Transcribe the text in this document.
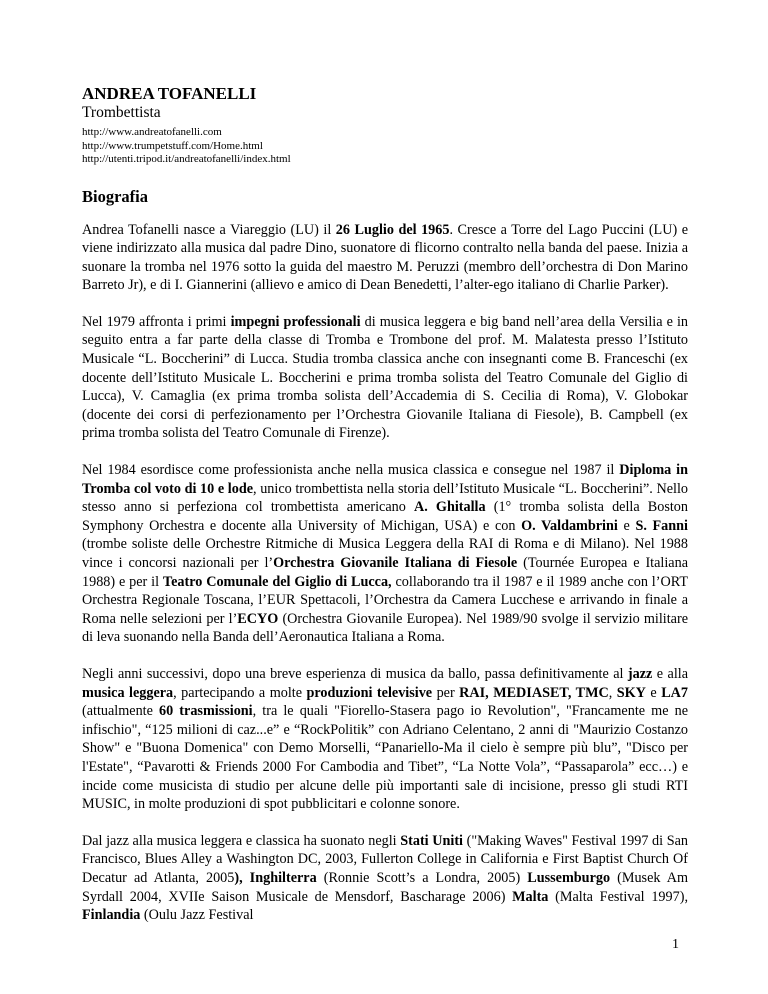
ANDREA TOFANELLI
Trombettista
http://www.andreatofanelli.com
http://www.trumpetstuff.com/Home.html
http://utenti.tripod.it/andreatofanelli/index.html
Biografia

Andrea Tofanelli nasce a Viareggio (LU) il 26 Luglio del 1965. Cresce a Torre del Lago Puccini (LU) e viene indirizzato alla musica dal padre Dino, suonatore di flicorno contralto nella banda del paese. Inizia a suonare la tromba nel 1976 sotto la guida del maestro M. Peruzzi (membro dell’orchestra di Don Marino Barreto Jr), e di I. Giannerini (allievo e amico di Dean Benedetti, l’alter-ego italiano di Charlie Parker).

Nel 1979 affronta i primi impegni professionali di musica leggera e big band nell’area della Versilia e in seguito entra a far parte della classe di Tromba e Trombone del prof. M. Malatesta presso l’Istituto Musicale “L. Boccherini” di Lucca. Studia tromba classica anche con insegnanti come B. Franceschi (ex docente dell’Istituto Musicale L. Boccherini e prima tromba solista del Teatro Comunale del Giglio di Lucca), V. Camaglia (ex prima tromba solista dell’Accademia di S. Cecilia di Roma), V. Globokar (docente dei corsi di perfezionamento per l’Orchestra Giovanile Italiana di Fiesole), B. Campbell (ex prima tromba solista del Teatro Comunale di Firenze).

Nel 1984 esordisce come professionista anche nella musica classica e consegue nel 1987 il Diploma in Tromba col voto di 10 e lode, unico trombettista nella storia dell’Istituto Musicale “L. Boccherini”. Nello stesso anno si perfeziona col trombettista americano A. Ghitalla (1° tromba solista della Boston Symphony Orchestra e docente alla University of Michigan, USA) e con O. Valdambrini e S. Fanni (trombe soliste delle Orchestre Ritmiche di Musica Leggera della RAI di Roma e di Milano). Nel 1988 vince i concorsi nazionali per l’Orchestra Giovanile Italiana di Fiesole (Tournée Europea e Italiana 1988) e per il Teatro Comunale del Giglio di Lucca, collaborando tra il 1987 e il 1989 anche con l’ORT Orchestra Regionale Toscana, l’EUR Spettacoli, l’Orchestra da Camera Lucchese e arrivando in finale a Roma nelle selezioni per l’ECYO (Orchestra Giovanile Europea). Nel 1989/90 svolge il servizio militare di leva suonando nella Banda dell’Aeronautica Italiana a Roma.

Negli anni successivi, dopo una breve esperienza di musica da ballo, passa definitivamente al jazz e alla musica leggera, partecipando a molte produzioni televisive per RAI, MEDIASET, TMC, SKY e LA7 (attualmente 60 trasmissioni, tra le quali "Fiorello-Stasera pago io Revolution", "Francamente me ne infischio", “125 milioni di caz...e” e “RockPolitik” con Adriano Celentano, 2 anni di "Maurizio Costanzo Show" e "Buona Domenica" con Demo Morselli, “Panariello-Ma il cielo è sempre più blu”, "Disco per l'Estate", “Pavarotti & Friends 2000 For Cambodia and Tibet”, “La Notte Vola”, “Passaparola” ecc…) e incide come musicista di studio per alcune delle più importanti sale di incisione, presso gli studi RTI MUSIC, in molte produzioni di spot pubblicitari e colonne sonore.

Dal jazz alla musica leggera e classica ha suonato negli Stati Uniti ("Making Waves" Festival 1997 di San Francisco, Blues Alley a Washington DC, 2003, Fullerton College in California e First Baptist Church Of Decatur ad Atlanta, 2005), Inghilterra (Ronnie Scott’s a Londra, 2005) Lussemburgo (Musek Am Syrdall 2004, XVIIe Saison Musicale de Mensdorf, Bascharage 2006) Malta (Malta Festival 1997), Finlandia (Oulu Jazz Festival

1
